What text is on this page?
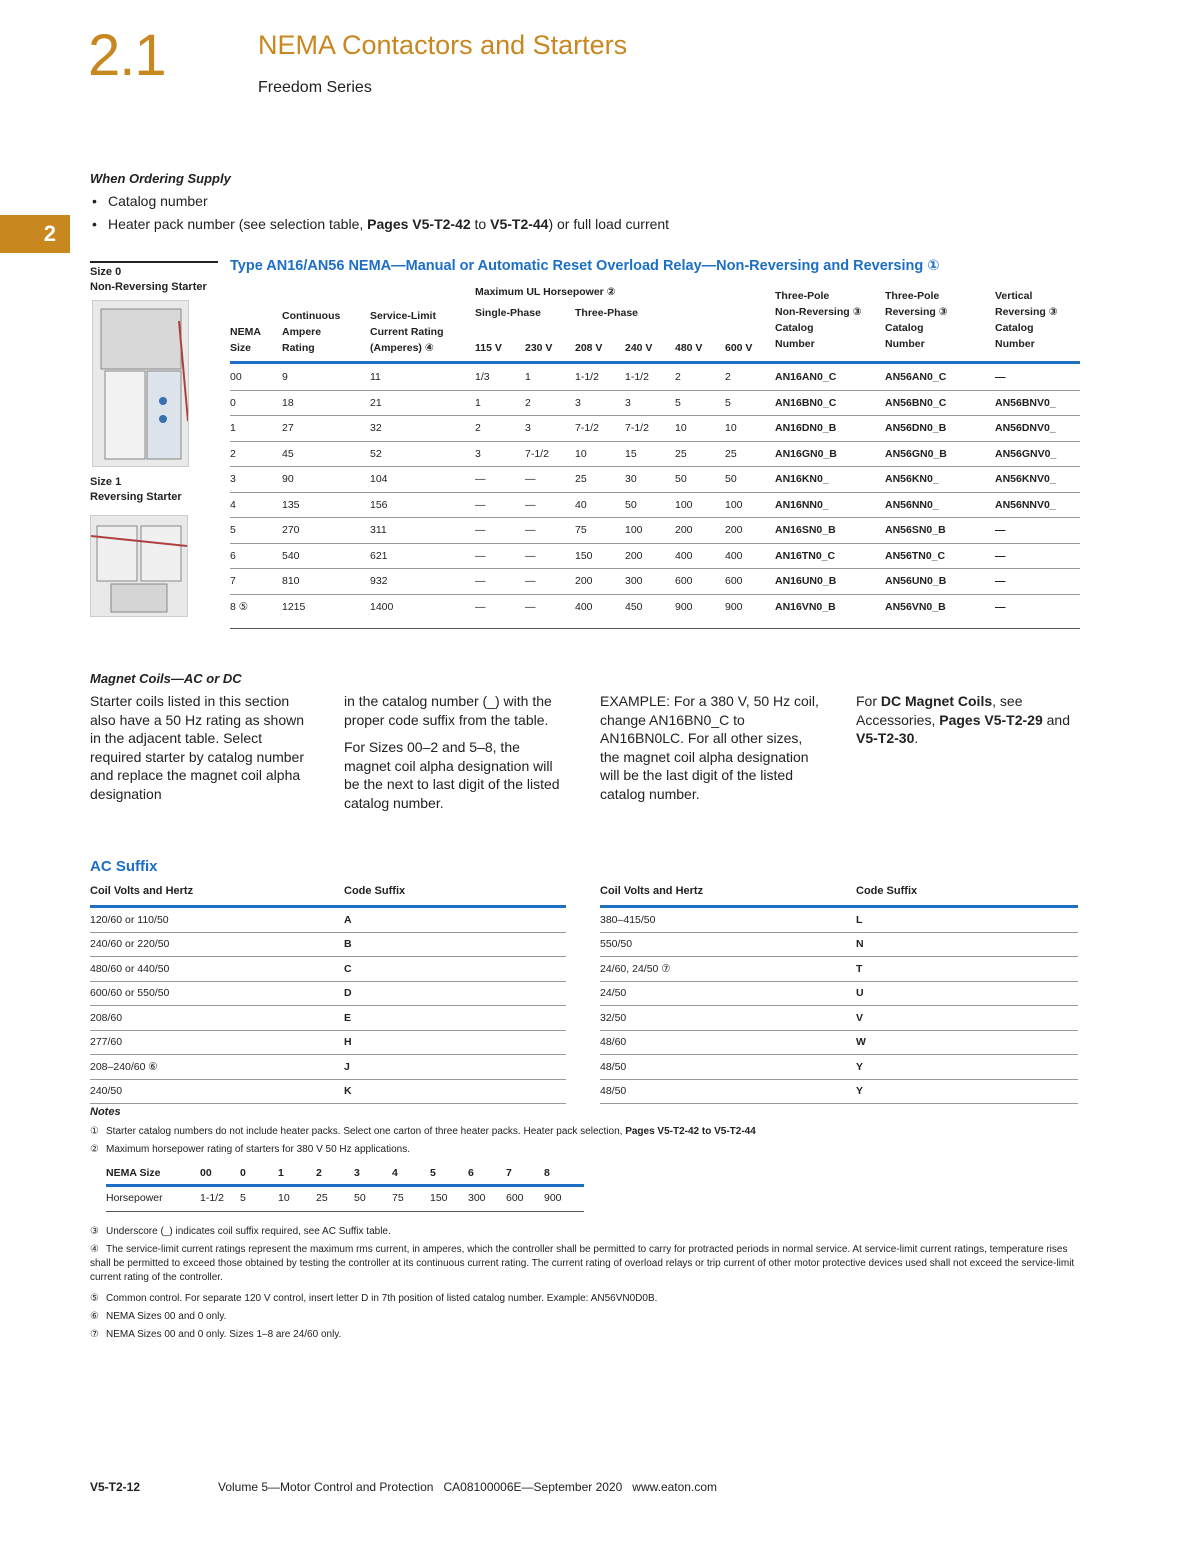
2.1	NEMA Contactors and Starters
Freedom Series
2
When Ordering Supply
• Catalog number
• Heater pack number (see selection table, Pages V5-T2-42 to V5-T2-44) or full load current
Size 0
Non-Reversing Starter
Size 1
Reversing Starter
Type AN16/AN56 NEMA—Manual or Automatic Reset Overload Relay—Non-Reversing and Reversing ①
NEMA
Size
Continuous
Ampere
Rating
Service-Limit
Current Rating
(Amperes) ④
Maximum UL Horsepower ②
Single-Phase	Three-Phase
115 V 230 V 208 V 240 V 480 V 600 V
Three-Pole
Non-Reversing ③
Catalog
Number
Three-Pole
Reversing ③
Catalog
Number
Vertical
Reversing ③
Catalog
Number
00	9	11	1/3	1	1-1/2	1-1/2	2	2	AN16AN0_C	AN56AN0_C	—
0	18	21	1	2	3	3	5	5	AN16BN0_C	AN56BN0_C	AN56BNV0_
1	27	32	2	3	7-1/2	7-1/2	10	10	AN16DN0_B	AN56DN0_B	AN56DNV0_
2	45	52	3	7-1/2	10	15	25	25	AN16GN0_B	AN56GN0_B	AN56GNV0_
3	90	104	—	—	25	30	50	50	AN16KN0_	AN56KN0_	AN56KNV0_
4	135	156	—	—	40	50	100	100	AN16NN0_	AN56NN0_	AN56NNV0_
5	270	311	—	—	75	100	200	200	AN16SN0_B	AN56SN0_B	—
6	540	621	—	—	150	200	400	400	AN16TN0_C	AN56TN0_C	—
7	810	932	—	—	200	300	600	600	AN16UN0_B	AN56UN0_B	—
8 ⑤	1215	1400	—	—	400	450	900	900	AN16VN0_B	AN56VN0_B	—
Magnet Coils—AC or DC

Starter coils listed in this section also have a 50 Hz rating as shown in the adjacent table. Select required starter by catalog number and replace the magnet coil alpha designation

in the catalog number (_) with the proper code suffix from the table.

For Sizes 00–2 and 5–8, the magnet coil alpha designation will be the next to last digit of the listed catalog number.

EXAMPLE: For a 380 V, 50 Hz coil, change AN16BN0_C to AN16BN0LC. For all other sizes, the magnet coil alpha designation will be the last digit of the listed catalog number.

For DC Magnet Coils, see Accessories, Pages V5-T2-29 and V5-T2-30.

AC Suffix
Coil Volts and Hertz	Code Suffix
120/60 or 110/50	A
240/60 or 220/50	B
480/60 or 440/50	C
600/60 or 550/50	D
208/60	E
277/60	H
208–240/60 ⑥	J
240/50	K
Coil Volts and Hertz	Code Suffix
380–415/50	L
550/50	N
24/60, 24/50 ⑦	T
24/50	U
32/50	V
48/60	W
48/50	Y
48/50	Y
Notes
① Starter catalog numbers do not include heater packs. Select one carton of three heater packs. Heater pack selection, Pages V5-T2-42 to V5-T2-44
② Maximum horsepower rating of starters for 380 V 50 Hz applications.
NEMA Size	00	0	1	2	3	4	5	6	7	8

Horsepower	1-1/2	5	10	25	50	75	150	300	600	900
③ Underscore (_) indicates coil suffix required, see AC Suffix table.
④ The service-limit current ratings represent the maximum rms current, in amperes, which the controller shall be permitted to carry for protracted periods in normal service. At service-limit current ratings, temperature rises shall be permitted to exceed those obtained by testing the controller at its continuous current rating. The current rating of overload relays or trip current of other motor protective devices used shall not exceed the service-limit current rating of the controller.
⑤ Common control. For separate 120 V control, insert letter D in 7th position of listed catalog number. Example: AN56VN0D0B.
⑥ NEMA Sizes 00 and 0 only.
⑦ NEMA Sizes 00 and 0 only. Sizes 1–8 are 24/60 only.
V5-T2-12	Volume 5—Motor Control and Protection CA08100006E—September 2020 www.eaton.com
